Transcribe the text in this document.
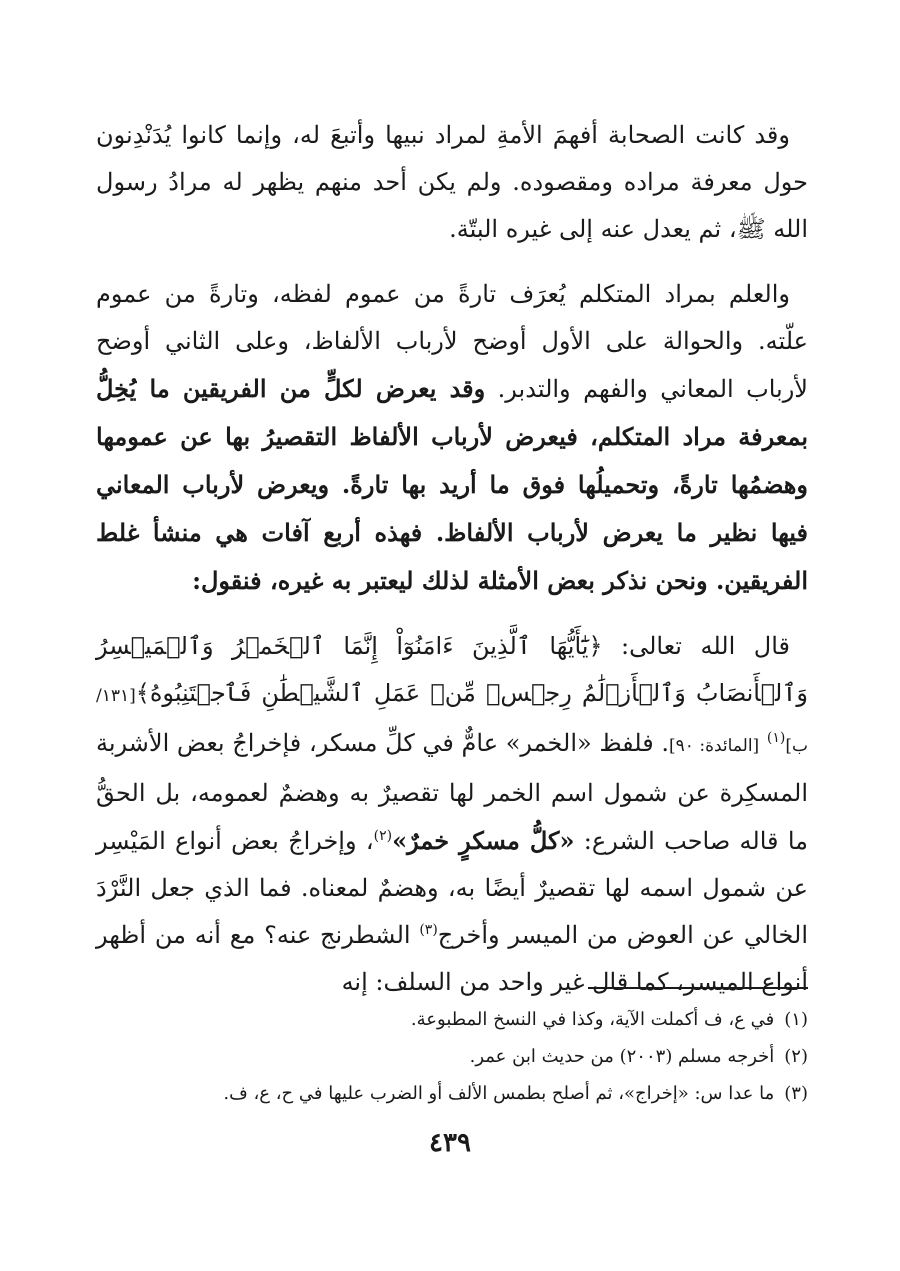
وقد كانت الصحابة أفهمَ الأمةِ لمراد نبيها وأتبعَ له، وإنما كانوا يُدَنْدِنون حول معرفة مراده ومقصوده. ولم يكن أحد منهم يظهر له مرادُ رسول الله ﷺ، ثم يعدل عنه إلى غيره البتّة.

والعلم بمراد المتكلم يُعرَف تارةً من عموم لفظه، وتارةً من عموم علّته. والحوالة على الأول أوضح لأرباب الألفاظ، وعلى الثاني أوضح لأرباب المعاني والفهم والتدبر. وقد يعرض لكلٍّ من الفريقين ما يُخِلُّ بمعرفة مراد المتكلم، فيعرض لأرباب الألفاظ التقصيرُ بها عن عمومها وهضمُها تارةً، وتحميلُها فوق ما أريد بها تارةً. ويعرض لأرباب المعاني فيها نظير ما يعرض لأرباب الألفاظ. فهذه أربع آفات هي منشأ غلط الفريقين. ونحن نذكر بعض الأمثلة لذلك ليعتبر به غيره، فنقول:

قال الله تعالى: ﴿يَٰٓأَيُّهَا ٱلَّذِينَ ءَامَنُوٓاْ إِنَّمَا ٱلۡخَمۡرُ وَٱلۡمَيۡسِرُ وَٱلۡأَنصَابُ وَٱلۡأَزۡلَٰمُ رِجۡسٞ مِّنۡ عَمَلِ ٱلشَّيۡطَٰنِ فَٱجۡتَنِبُوهُ﴾[١٣١/ب]$^{(١)}$ [المائدة: ٩٠]. فلفظ «الخمر» عامٌّ في كلِّ مسكر، فإخراجُ بعض الأشربة المسكِرة عن شمول اسم الخمر لها تقصيرٌ به وهضمٌ لعمومه، بل الحقُّ ما قاله صاحب الشرع: «كلُّ مسكرٍ خمرٌ»$^{(٢)}$، وإخراجُ بعض أنواع المَيْسِر عن شمول اسمه لها تقصيرٌ أيضًا به، وهضمٌ لمعناه. فما الذي جعل النَّرْدَ الخالي عن العوض من الميسر وأخرج$^{(٣)}$ الشطرنج عنه؟ مع أنه من أظهر أنواع الميسر، كما قال غير واحد من السلف: إنه

(١)في ع، ف أكملت الآية، وكذا في النسخ المطبوعة.
(٢)أخرجه مسلم (٢٠٠٣) من حديث ابن عمر.
(٣)ما عدا س: «إخراج»، ثم أصلح بطمس الألف أو الضرب عليها في ح، ع، ف.
٤٣٩
